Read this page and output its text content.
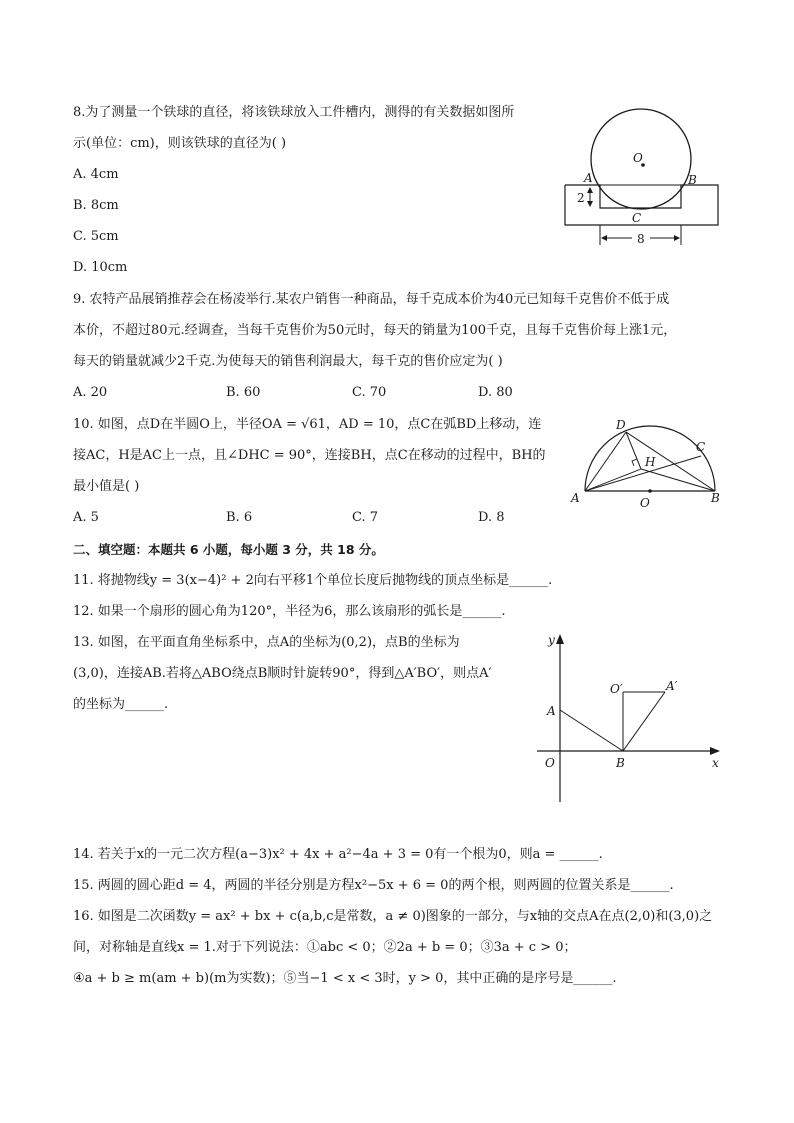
8.为了测量一个铁球的直径，将该铁球放入工件槽内，测得的有关数据如图所
示(单位：cm)，则该铁球的直径为( )
A. 4cm
B. 8cm
C. 5cm
D. 10cm
O
A	B
C
2
8
9. 农特产品展销推荐会在杨凌举行.某农户销售一种商品，每千克成本价为40元已知每千克售价不低于成
本价，不超过80元.经调查，当每千克售价为50元时，每天的销量为100千克，且每千克售价每上涨1元，
每天的销量就减少2千克.为使每天的销售利润最大，每千克的售价应定为( )
A. 20	B. 60	C. 70	D. 80
10. 如图，点D在半圆O上，半径OA = √61，AD = 10，点C在弧BD上移动，连
接AC，H是AC上一点，且∠DHC = 90°，连接BH，点C在移动的过程中，BH的
最小值是( )
A. 5	B. 6	C. 7	D. 8
D
C
H
A	O	B
二、填空题：本题共 6 小题，每小题 3 分，共 18 分。
11. 将抛物线y = 3(x−4)² + 2向右平移1个单位长度后抛物线的顶点坐标是______.
12. 如果一个扇形的圆心角为120°，半径为6，那么该扇形的弧长是______.
13. 如图，在平面直角坐标系中，点A的坐标为(0,2)，点B的坐标为
(3,0)，连接AB.若将△ABO绕点B顺时针旋转90°，得到△A′BO′，则点A′
的坐标为______.
y
x
O
A
B
O′	A′
14. 若关于x的一元二次方程(a−3)x² + 4x + a²−4a + 3 = 0有一个根为0，则a = ______.
15. 两圆的圆心距d = 4，两圆的半径分别是方程x²−5x + 6 = 0的两个根，则两圆的位置关系是______.
16. 如图是二次函数y = ax² + bx + c(a,b,c是常数，a ≠ 0)图象的一部分，与x轴的交点A在点(2,0)和(3,0)之
间，对称轴是直线x = 1.对于下列说法：①abc < 0；②2a + b = 0；③3a + c > 0；
④a + b ≥ m(am + b)(m为实数)；⑤当−1 < x < 3时，y > 0，其中正确的是序号是______.
